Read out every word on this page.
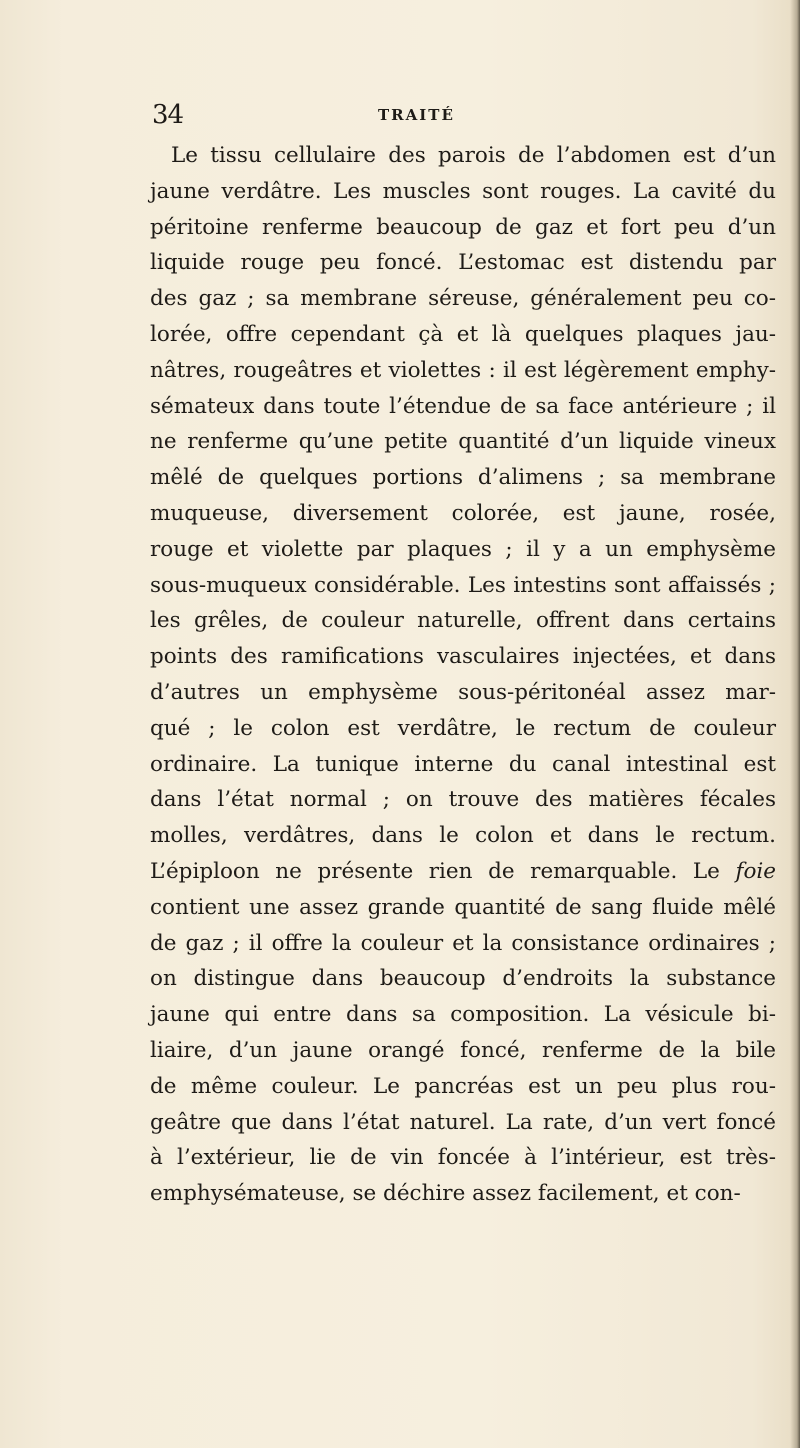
34	TRAITÉ
Le tissu cellulaire des parois de l’abdomen est d’un
jaune verdâtre. Les muscles sont rouges. La cavité du
péritoine renferme beaucoup de gaz et fort peu d’un
liquide rouge peu foncé. L’estomac est distendu par
des gaz ; sa membrane séreuse, généralement peu co-
lorée, offre cependant çà et là quelques plaques jau-
nâtres, rougeâtres et violettes : il est légèrement emphy-
sémateux dans toute l’étendue de sa face antérieure ; il
ne renferme qu’une petite quantité d’un liquide vineux
mêlé de quelques portions d’alimens ; sa membrane
muqueuse, diversement colorée, est jaune, rosée,
rouge et violette par plaques ; il y a un emphysème
sous-muqueux considérable. Les intestins sont affaissés ;
les grêles, de couleur naturelle, offrent dans certains
points des ramifications vasculaires injectées, et dans
d’autres un emphysème sous-péritonéal assez mar-
qué ; le colon est verdâtre, le rectum de couleur
ordinaire. La tunique interne du canal intestinal est
dans l’état normal ; on trouve des matières fécales
molles, verdâtres, dans le colon et dans le rectum.
L’épiploon ne présente rien de remarquable. Le foie
contient une assez grande quantité de sang fluide mêlé
de gaz ; il offre la couleur et la consistance ordinaires ;
on distingue dans beaucoup d’endroits la substance
jaune qui entre dans sa composition. La vésicule bi-
liaire, d’un jaune orangé foncé, renferme de la bile
de même couleur. Le pancréas est un peu plus rou-
geâtre que dans l’état naturel. La rate, d’un vert foncé
à l’extérieur, lie de vin foncée à l’intérieur, est très-
emphysémateuse, se déchire assez facilement, et con-
